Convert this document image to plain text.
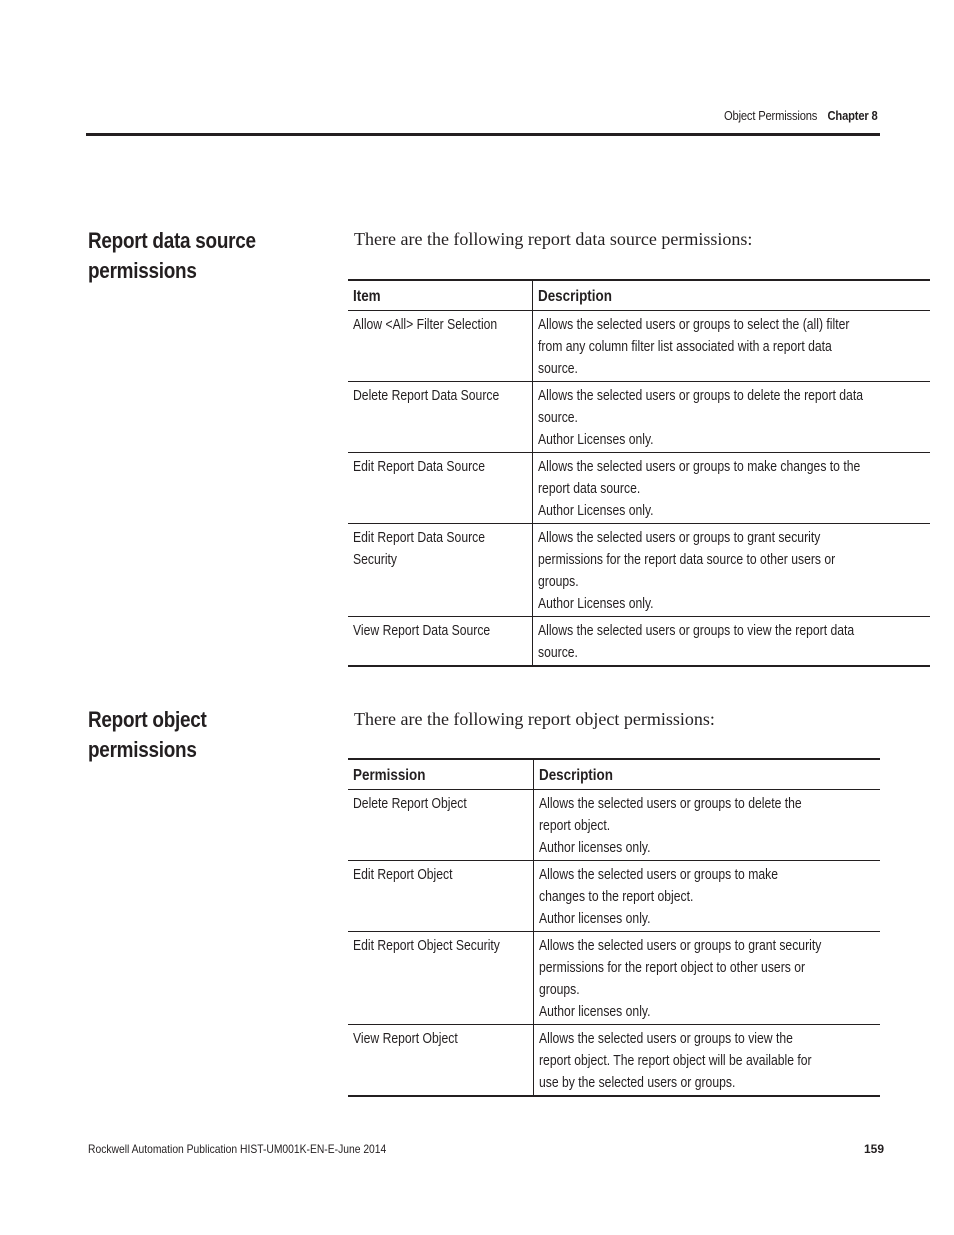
Object Permissions Chapter 8
Report data source
permissions
There are the following report data source permissions:
Item	Description

Allow <All> Filter Selection	Allows the selected users or groups to select the (all) filter
from any column filter list associated with a report data
source.

Delete Report Data Source	Allows the selected users or groups to delete the report data
source.
Author Licenses only.

Edit Report Data Source	Allows the selected users or groups to make changes to the
report data source.
Author Licenses only.

Edit Report Data Source
Security	Allows the selected users or groups to grant security
permissions for the report data source to other users or
groups.
Author Licenses only.

View Report Data Source	Allows the selected users or groups to view the report data
source.
Report object permissions
There are the following report object permissions:
Permission	Description

Delete Report Object	Allows the selected users or groups to delete the
report object.
Author licenses only.

Edit Report Object	Allows the selected users or groups to make
changes to the report object.
Author licenses only.

Edit Report Object Security	Allows the selected users or groups to grant security
permissions for the report object to other users or
groups.
Author licenses only.

View Report Object	Allows the selected users or groups to view the
report object. The report object will be available for
use by the selected users or groups.
Rockwell Automation Publication HIST-UM001K-EN-E-June 2014	159
